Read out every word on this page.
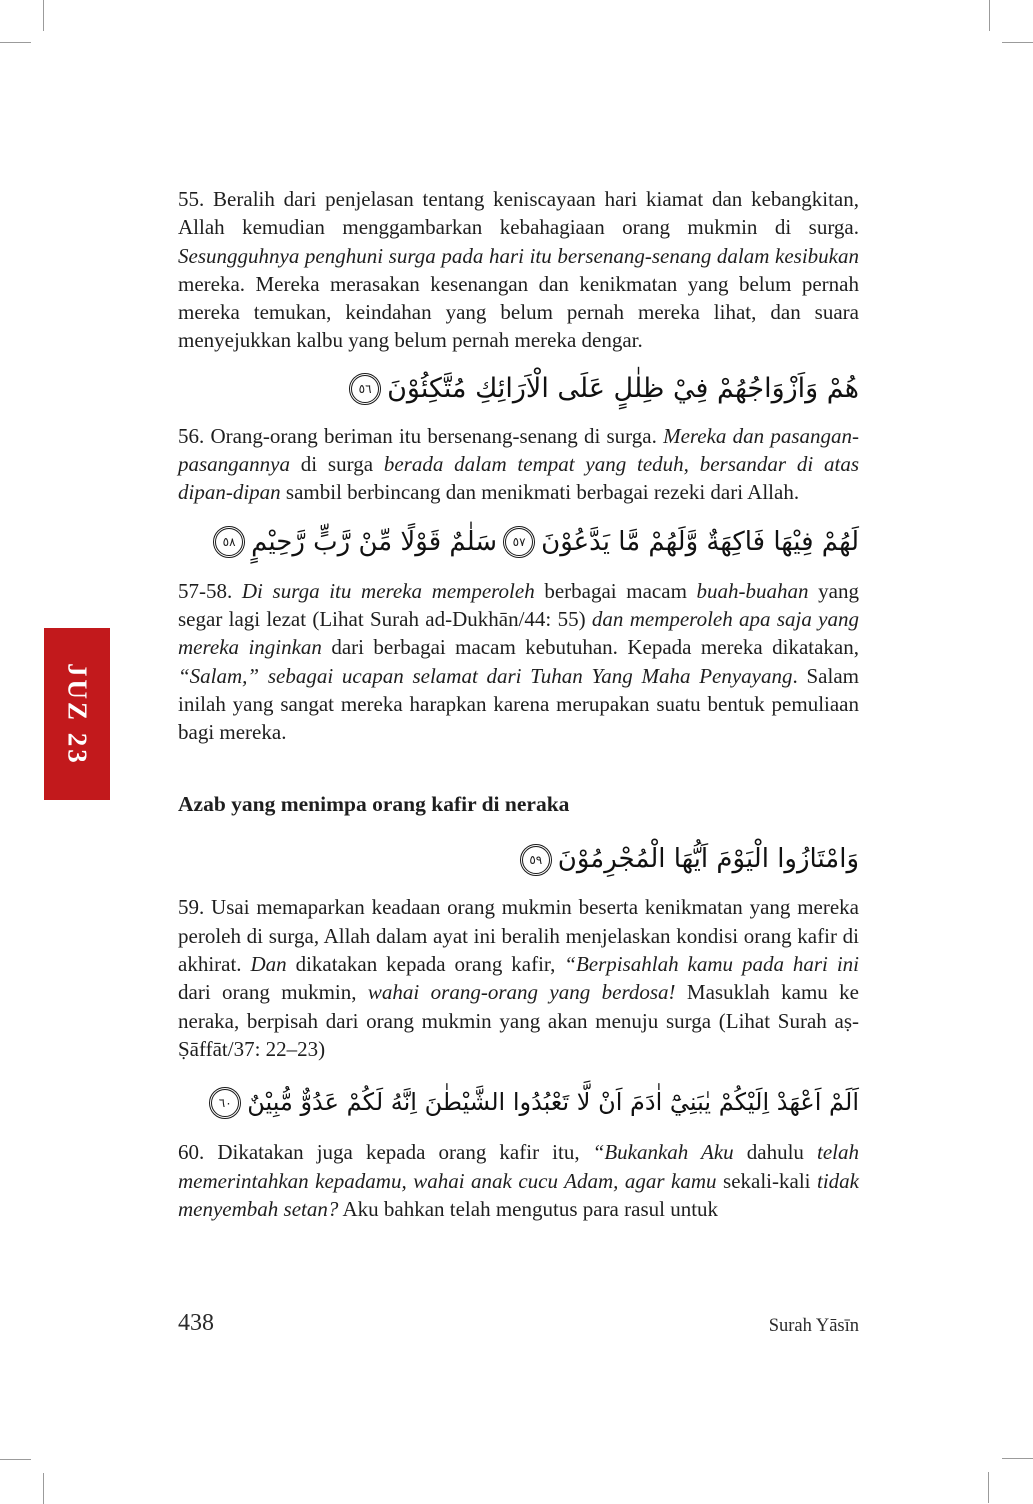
JUZ 23
55. Beralih dari penjelasan tentang keniscayaan hari kiamat dan kebangkitan, Allah kemudian menggambarkan kebahagiaan orang mukmin di surga. Sesungguhnya penghuni surga pada hari itu bersenang-senang dalam kesibukan mereka. Mereka merasakan kesenangan dan kenikmatan yang belum pernah mereka temukan, keindahan yang belum pernah mereka lihat, dan suara menyejukkan kalbu yang belum pernah mereka dengar.
هُمْ وَاَزْوَاجُهُمْ فِيْ ظِلٰلٍ عَلَى الْاَرَائِكِ مُتَّكِئُوْنَ٥٦
56. Orang-orang beriman itu bersenang-senang di surga. Mereka dan pasangan-pasangannya di surga berada dalam tempat yang teduh, bersandar di atas dipan-dipan sambil berbincang dan menikmati berbagai rezeki dari Allah.
لَهُمْ فِيْهَا فَاكِهَةٌ وَّلَهُمْ مَّا يَدَّعُوْنَ٥٧سَلٰمٌ قَوْلًا مِّنْ رَّبٍّ رَّحِيْمٍ٥٨
57-58. Di surga itu mereka memperoleh berbagai macam buah-buahan yang segar lagi lezat (Lihat Surah ad-Dukhān/44: 55) dan memperoleh apa saja yang mereka inginkan dari berbagai macam kebutuhan. Kepada mereka dikatakan, “Salam,” sebagai ucapan selamat dari Tuhan Yang Maha Penyayang. Salam inilah yang sangat mereka harapkan karena merupakan suatu bentuk pemuliaan bagi mereka.
Azab yang menimpa orang kafir di neraka
وَامْتَازُوا الْيَوْمَ اَيُّهَا الْمُجْرِمُوْنَ٥٩
59. Usai memaparkan keadaan orang mukmin beserta kenikmatan yang mereka peroleh di surga, Allah dalam ayat ini beralih menjelaskan kondisi orang kafir di akhirat. Dan dikatakan kepada orang kafir, “Berpisahlah kamu pada hari ini dari orang mukmin, wahai orang-orang yang berdosa! Masuklah kamu ke neraka, berpisah dari orang mukmin yang akan menuju surga (Lihat Surah aṣ-Ṣāffāt/37: 22–23)
اَلَمْ اَعْهَدْ اِلَيْكُمْ يٰبَنِيْٓ اٰدَمَ اَنْ لَّا تَعْبُدُوا الشَّيْطٰنَ اِنَّهُ لَكُمْ عَدُوٌّ مُّبِيْنٌ٦٠
60. Dikatakan juga kepada orang kafir itu, “Bukankah Aku dahulu telah memerintahkan kepadamu, wahai anak cucu Adam, agar kamu sekali-kali tidak menyembah setan? Aku bahkan telah mengutus para rasul untuk
438	Surah Yāsīn
